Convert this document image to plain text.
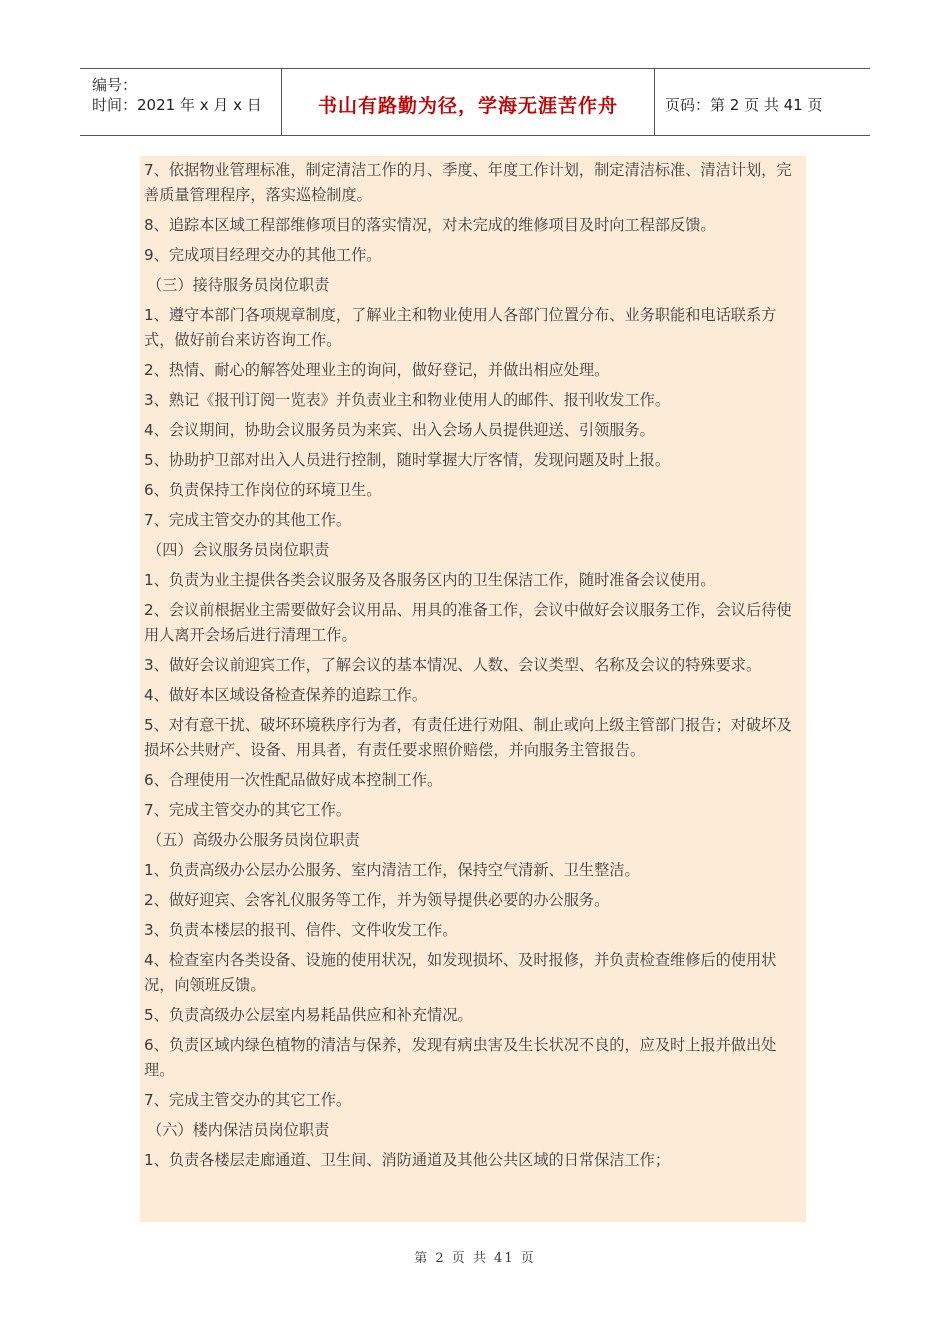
编号：
时间：2021 年 x 月 x 日	书山有路勤为径，学海无涯苦作舟	页码：第 2 页 共 41 页

7、依据物业管理标准，制定清洁工作的月、季度、年度工作计划，制定清洁标准、清洁计划，完善质量管理程序，落实巡检制度。

8、追踪本区域工程部维修项目的落实情况，对未完成的维修项目及时向工程部反馈。

9、完成项目经理交办的其他工作。

（三）接待服务员岗位职责

1、遵守本部门各项规章制度，了解业主和物业使用人各部门位置分布、业务职能和电话联系方式，做好前台来访咨询工作。

2、热情、耐心的解答处理业主的询问，做好登记，并做出相应处理。

3、熟记《报刊订阅一览表》并负责业主和物业使用人的邮件、报刊收发工作。

4、会议期间，协助会议服务员为来宾、出入会场人员提供迎送、引领服务。

5、协助护卫部对出入人员进行控制，随时掌握大厅客情，发现问题及时上报。

6、负责保持工作岗位的环境卫生。

7、完成主管交办的其他工作。

（四）会议服务员岗位职责

1、负责为业主提供各类会议服务及各服务区内的卫生保洁工作，随时准备会议使用。

2、会议前根据业主需要做好会议用品、用具的准备工作，会议中做好会议服务工作，会议后待使用人离开会场后进行清理工作。

3、做好会议前迎宾工作，了解会议的基本情况、人数、会议类型、名称及会议的特殊要求。

4、做好本区域设备检查保养的追踪工作。

5、对有意干扰、破坏环境秩序行为者，有责任进行劝阻、制止或向上级主管部门报告；对破坏及损坏公共财产、设备、用具者，有责任要求照价赔偿，并向服务主管报告。

6、合理使用一次性配品做好成本控制工作。

7、完成主管交办的其它工作。

（五）高级办公服务员岗位职责

1、负责高级办公层办公服务、室内清洁工作，保持空气清新、卫生整洁。

2、做好迎宾、会客礼仪服务等工作，并为领导提供必要的办公服务。

3、负责本楼层的报刊、信件、文件收发工作。

4、检查室内各类设备、设施的使用状况，如发现损坏、及时报修，并负责检查维修后的使用状况，向领班反馈。

5、负责高级办公层室内易耗品供应和补充情况。

6、负责区域内绿色植物的清洁与保养，发现有病虫害及生长状况不良的，应及时上报并做出处理。

7、完成主管交办的其它工作。

（六）楼内保洁员岗位职责

1、负责各楼层走廊通道、卫生间、消防通道及其他公共区域的日常保洁工作；

第 2 页 共 41 页
